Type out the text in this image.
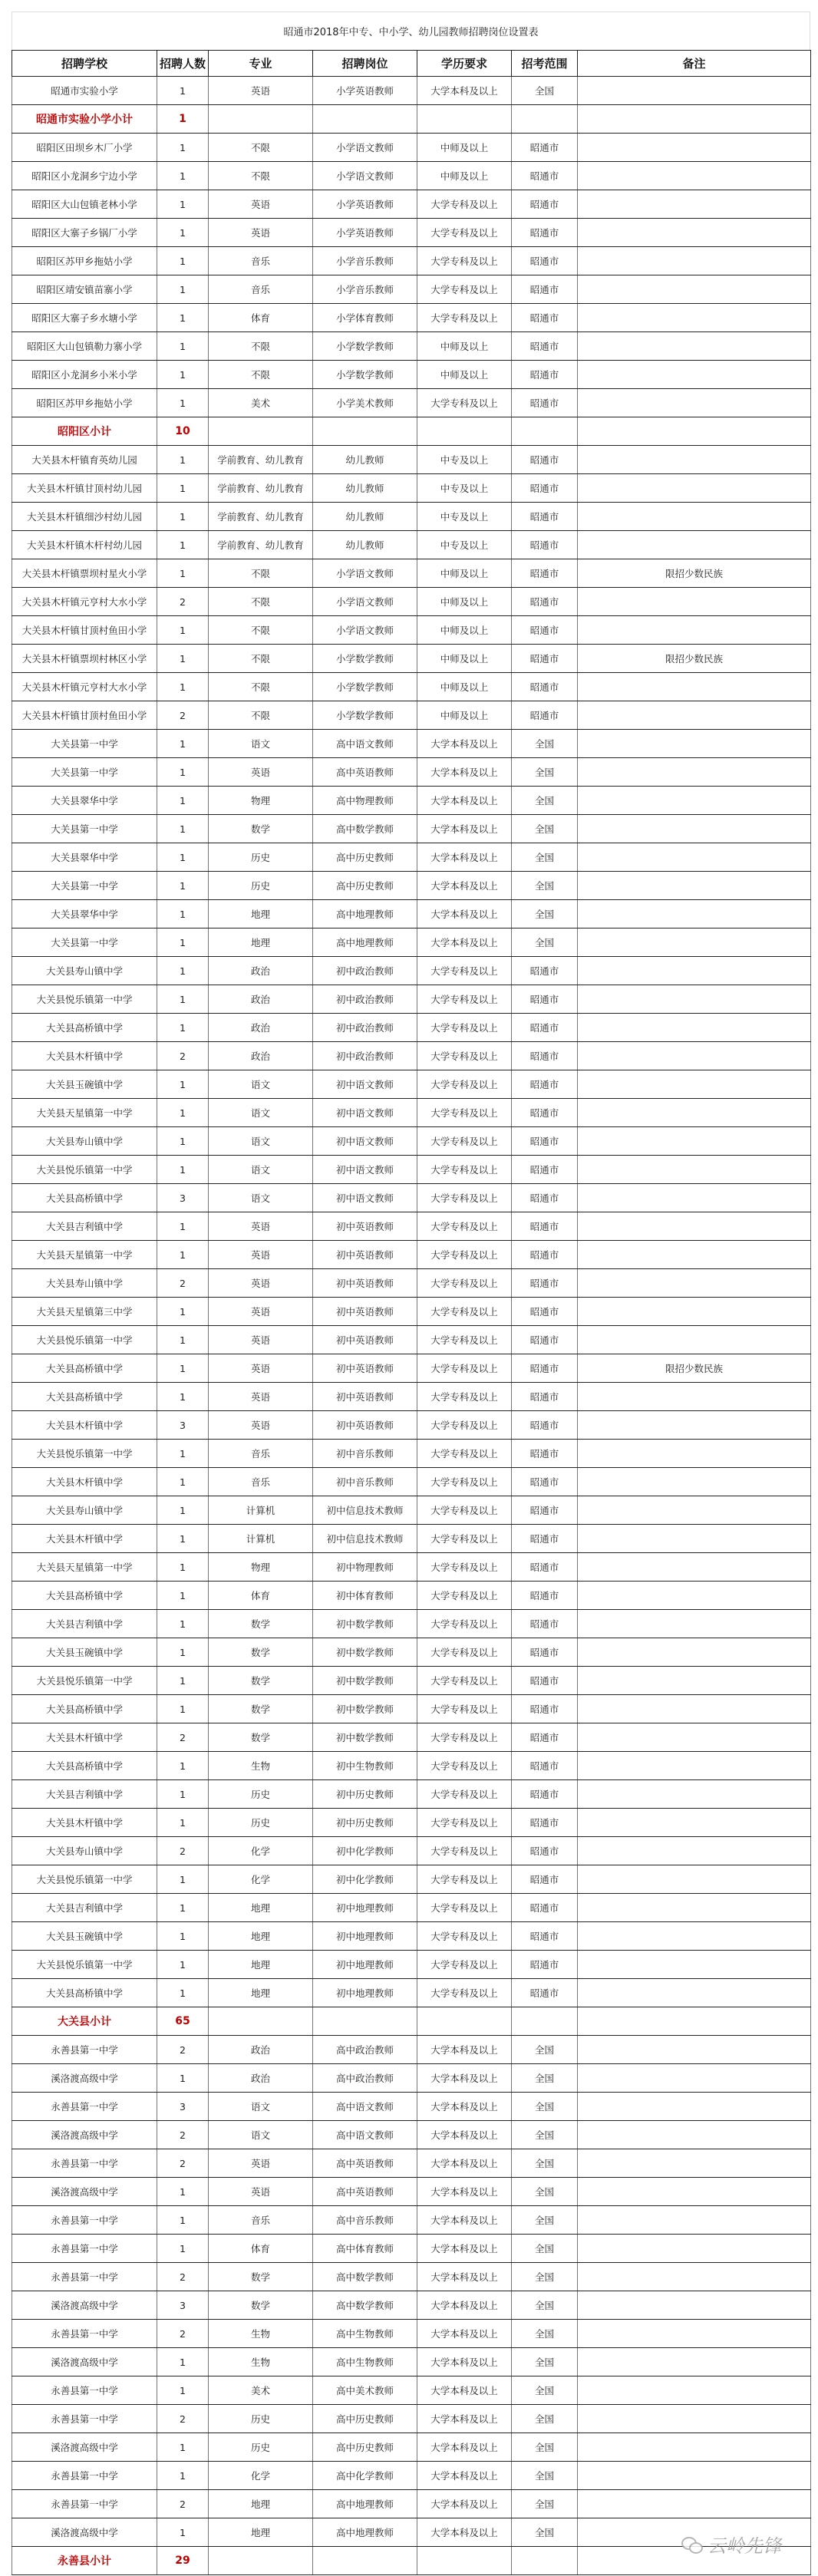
昭通市2018年中专、中小学、幼儿园教师招聘岗位设置表
招聘学校	招聘人数	专业	招聘岗位	学历要求	招考范围	备注
昭通市实验小学	1	英语	小学英语教师	大学本科及以上	全国	
昭通市实验小学小计	1					
昭阳区田坝乡木厂小学	1	不限	小学语文教师	中师及以上	昭通市	
昭阳区小龙洞乡宁边小学	1	不限	小学语文教师	中师及以上	昭通市	
昭阳区大山包镇老林小学	1	英语	小学英语教师	大学专科及以上	昭通市	
昭阳区大寨子乡锅厂小学	1	英语	小学英语教师	大学专科及以上	昭通市	
昭阳区苏甲乡拖姑小学	1	音乐	小学音乐教师	大学专科及以上	昭通市	
昭阳区靖安镇苗寨小学	1	音乐	小学音乐教师	大学专科及以上	昭通市	
昭阳区大寨子乡水塘小学	1	体育	小学体育教师	大学专科及以上	昭通市	
昭阳区大山包镇勒力寨小学	1	不限	小学数学教师	中师及以上	昭通市	
昭阳区小龙洞乡小米小学	1	不限	小学数学教师	中师及以上	昭通市	
昭阳区苏甲乡拖姑小学	1	美术	小学美术教师	大学专科及以上	昭通市	
昭阳区小计	10					
大关县木杆镇育英幼儿园	1	学前教育、幼儿教育	幼儿教师	中专及以上	昭通市	
大关县木杆镇甘顶村幼儿园	1	学前教育、幼儿教育	幼儿教师	中专及以上	昭通市	
大关县木杆镇细沙村幼儿园	1	学前教育、幼儿教育	幼儿教师	中专及以上	昭通市	
大关县木杆镇木杆村幼儿园	1	学前教育、幼儿教育	幼儿教师	中专及以上	昭通市	
大关县木杆镇票坝村星火小学	1	不限	小学语文教师	中师及以上	昭通市	限招少数民族
大关县木杆镇元亨村大水小学	2	不限	小学语文教师	中师及以上	昭通市	
大关县木杆镇甘顶村鱼田小学	1	不限	小学语文教师	中师及以上	昭通市	
大关县木杆镇票坝村林区小学	1	不限	小学数学教师	中师及以上	昭通市	限招少数民族
大关县木杆镇元亨村大水小学	1	不限	小学数学教师	中师及以上	昭通市	
大关县木杆镇甘顶村鱼田小学	2	不限	小学数学教师	中师及以上	昭通市	
大关县第一中学	1	语文	高中语文教师	大学本科及以上	全国	
大关县第一中学	1	英语	高中英语教师	大学本科及以上	全国	
大关县翠华中学	1	物理	高中物理教师	大学本科及以上	全国	
大关县第一中学	1	数学	高中数学教师	大学本科及以上	全国	
大关县翠华中学	1	历史	高中历史教师	大学本科及以上	全国	
大关县第一中学	1	历史	高中历史教师	大学本科及以上	全国	
大关县翠华中学	1	地理	高中地理教师	大学本科及以上	全国	
大关县第一中学	1	地理	高中地理教师	大学本科及以上	全国	
大关县寿山镇中学	1	政治	初中政治教师	大学专科及以上	昭通市	
大关县悦乐镇第一中学	1	政治	初中政治教师	大学专科及以上	昭通市	
大关县高桥镇中学	1	政治	初中政治教师	大学专科及以上	昭通市	
大关县木杆镇中学	2	政治	初中政治教师	大学专科及以上	昭通市	
大关县玉碗镇中学	1	语文	初中语文教师	大学专科及以上	昭通市	
大关县天星镇第一中学	1	语文	初中语文教师	大学专科及以上	昭通市	
大关县寿山镇中学	1	语文	初中语文教师	大学专科及以上	昭通市	
大关县悦乐镇第一中学	1	语文	初中语文教师	大学专科及以上	昭通市	
大关县高桥镇中学	3	语文	初中语文教师	大学专科及以上	昭通市	
大关县吉利镇中学	1	英语	初中英语教师	大学专科及以上	昭通市	
大关县天星镇第一中学	1	英语	初中英语教师	大学专科及以上	昭通市	
大关县寿山镇中学	2	英语	初中英语教师	大学专科及以上	昭通市	
大关县天星镇第三中学	1	英语	初中英语教师	大学专科及以上	昭通市	
大关县悦乐镇第一中学	1	英语	初中英语教师	大学专科及以上	昭通市	
大关县高桥镇中学	1	英语	初中英语教师	大学专科及以上	昭通市	限招少数民族
大关县高桥镇中学	1	英语	初中英语教师	大学专科及以上	昭通市	
大关县木杆镇中学	3	英语	初中英语教师	大学专科及以上	昭通市	
大关县悦乐镇第一中学	1	音乐	初中音乐教师	大学专科及以上	昭通市	
大关县木杆镇中学	1	音乐	初中音乐教师	大学专科及以上	昭通市	
大关县寿山镇中学	1	计算机	初中信息技术教师	大学专科及以上	昭通市	
大关县木杆镇中学	1	计算机	初中信息技术教师	大学专科及以上	昭通市	
大关县天星镇第一中学	1	物理	初中物理教师	大学专科及以上	昭通市	
大关县高桥镇中学	1	体育	初中体育教师	大学专科及以上	昭通市	
大关县吉利镇中学	1	数学	初中数学教师	大学专科及以上	昭通市	
大关县玉碗镇中学	1	数学	初中数学教师	大学专科及以上	昭通市	
大关县悦乐镇第一中学	1	数学	初中数学教师	大学专科及以上	昭通市	
大关县高桥镇中学	1	数学	初中数学教师	大学专科及以上	昭通市	
大关县木杆镇中学	2	数学	初中数学教师	大学专科及以上	昭通市	
大关县高桥镇中学	1	生物	初中生物教师	大学专科及以上	昭通市	
大关县吉利镇中学	1	历史	初中历史教师	大学专科及以上	昭通市	
大关县木杆镇中学	1	历史	初中历史教师	大学专科及以上	昭通市	
大关县寿山镇中学	2	化学	初中化学教师	大学专科及以上	昭通市	
大关县悦乐镇第一中学	1	化学	初中化学教师	大学专科及以上	昭通市	
大关县吉利镇中学	1	地理	初中地理教师	大学专科及以上	昭通市	
大关县玉碗镇中学	1	地理	初中地理教师	大学专科及以上	昭通市	
大关县悦乐镇第一中学	1	地理	初中地理教师	大学专科及以上	昭通市	
大关县高桥镇中学	1	地理	初中地理教师	大学专科及以上	昭通市	
大关县小计	65					
永善县第一中学	2	政治	高中政治教师	大学本科及以上	全国	
溪洛渡高级中学	1	政治	高中政治教师	大学本科及以上	全国	
永善县第一中学	3	语文	高中语文教师	大学本科及以上	全国	
溪洛渡高级中学	2	语文	高中语文教师	大学本科及以上	全国	
永善县第一中学	2	英语	高中英语教师	大学本科及以上	全国	
溪洛渡高级中学	1	英语	高中英语教师	大学本科及以上	全国	
永善县第一中学	1	音乐	高中音乐教师	大学本科及以上	全国	
永善县第一中学	1	体育	高中体育教师	大学本科及以上	全国	
永善县第一中学	2	数学	高中数学教师	大学本科及以上	全国	
溪洛渡高级中学	3	数学	高中数学教师	大学本科及以上	全国	
永善县第一中学	2	生物	高中生物教师	大学本科及以上	全国	
溪洛渡高级中学	1	生物	高中生物教师	大学本科及以上	全国	
永善县第一中学	1	美术	高中美术教师	大学本科及以上	全国	
永善县第一中学	2	历史	高中历史教师	大学本科及以上	全国	
溪洛渡高级中学	1	历史	高中历史教师	大学本科及以上	全国	
永善县第一中学	1	化学	高中化学教师	大学本科及以上	全国	
永善县第一中学	2	地理	高中地理教师	大学本科及以上	全国	
溪洛渡高级中学	1	地理	高中地理教师	大学本科及以上	全国	
永善县小计	29					
云岭先锋
